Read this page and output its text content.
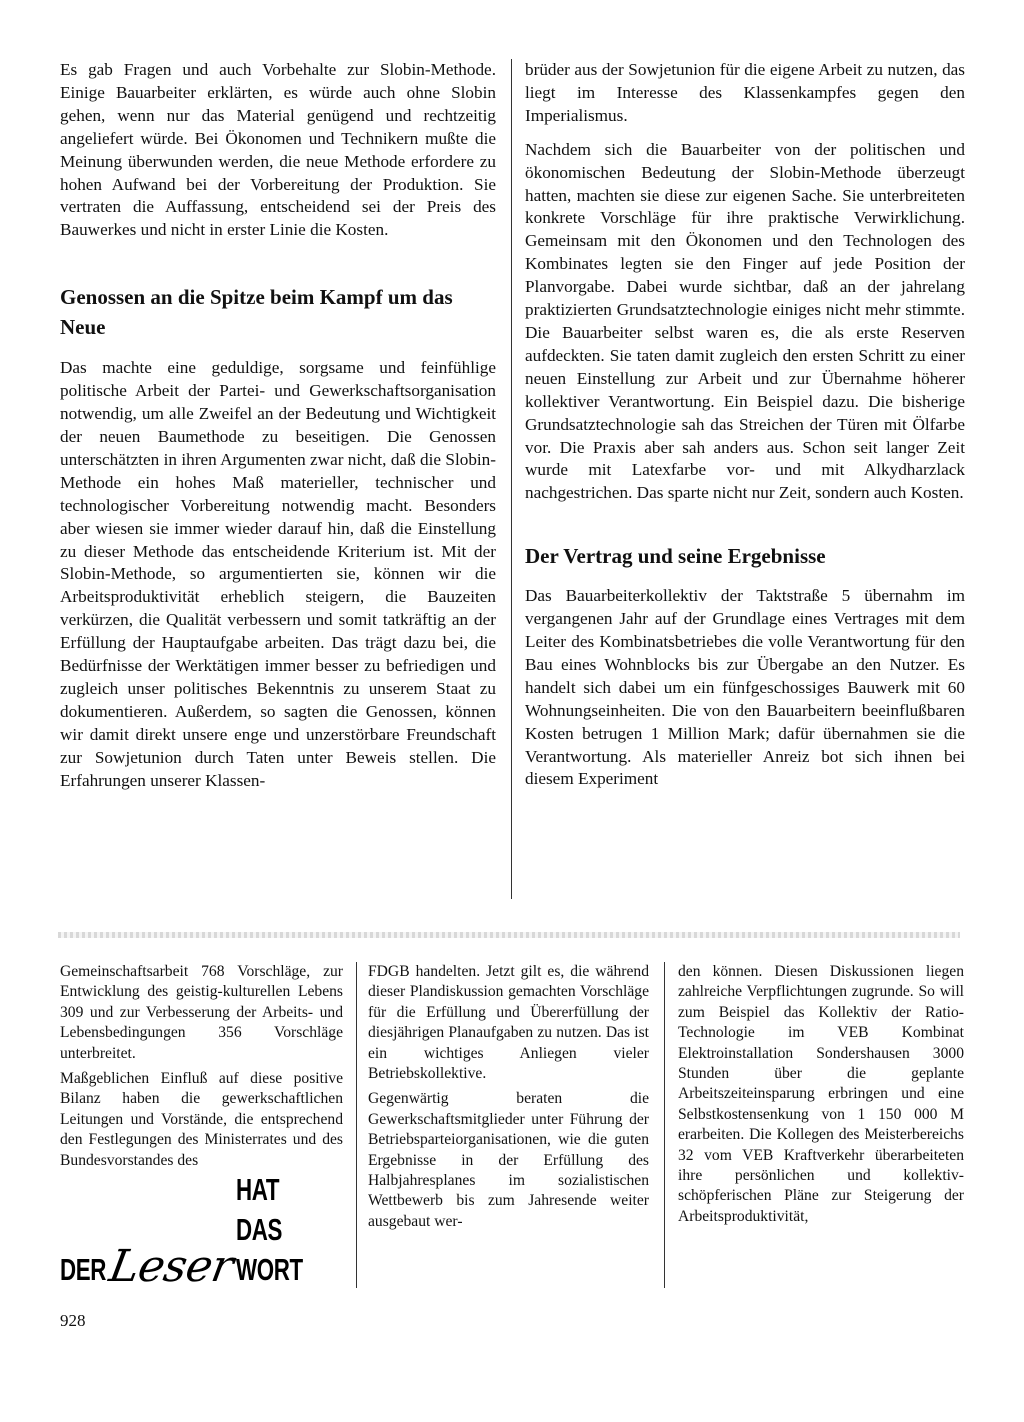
Es gab Fragen und auch Vorbehalte zur Slobin-Methode. Einige Bauarbeiter erklärten, es würde auch ohne Slobin gehen, wenn nur das Material genügend und rechtzeitig angeliefert würde. Bei Ökonomen und Technikern mußte die Meinung überwunden werden, die neue Methode erfordere zu hohen Aufwand bei der Vorbereitung der Produktion. Sie vertraten die Auffassung, entscheidend sei der Preis des Bauwerkes und nicht in erster Linie die Kosten.

Genossen an die Spitze beim Kampf um das Neue

Das machte eine geduldige, sorgsame und feinfühlige politische Arbeit der Partei- und Gewerkschaftsorganisation notwendig, um alle Zweifel an der Bedeutung und Wichtigkeit der neuen Baumethode zu beseitigen. Die Genossen unterschätzten in ihren Argumenten zwar nicht, daß die Slobin-Methode ein hohes Maß materieller, technischer und technologischer Vorbereitung notwendig macht. Besonders aber wiesen sie immer wieder darauf hin, daß die Einstellung zu dieser Methode das entscheidende Kriterium ist. Mit der Slobin-Methode, so argumentierten sie, können wir die Arbeitsproduktivität erheblich steigern, die Bauzeiten verkürzen, die Qualität verbessern und somit tatkräftig an der Erfüllung der Hauptaufgabe arbeiten. Das trägt dazu bei, die Bedürfnisse der Werktätigen immer besser zu befriedigen und zugleich unser politisches Bekenntnis zu unserem Staat zu dokumentieren. Außerdem, so sagten die Genossen, können wir damit direkt unsere enge und unzerstörbare Freundschaft zur Sowjetunion durch Taten unter Beweis stellen. Die Erfahrungen unserer Klassen-

brüder aus der Sowjetunion für die eigene Arbeit zu nutzen, das liegt im Interesse des Klassenkampfes gegen den Imperialismus.

Nachdem sich die Bauarbeiter von der politischen und ökonomischen Bedeutung der Slobin-Methode überzeugt hatten, machten sie diese zur eigenen Sache. Sie unterbreiteten konkrete Vorschläge für ihre praktische Verwirklichung. Gemeinsam mit den Ökonomen und den Technologen des Kombinates legten sie den Finger auf jede Position der Planvorgabe. Dabei wurde sichtbar, daß an der jahrelang praktizierten Grundsatztechnologie einiges nicht mehr stimmte. Die Bauarbeiter selbst waren es, die als erste Reserven aufdeckten. Sie taten damit zugleich den ersten Schritt zu einer neuen Einstellung zur Arbeit und zur Übernahme höherer kollektiver Verantwortung. Ein Beispiel dazu. Die bisherige Grundsatztechnologie sah das Streichen der Türen mit Ölfarbe vor. Die Praxis aber sah anders aus. Schon seit langer Zeit wurde mit Latexfarbe vor- und mit Alkydharzlack nachgestrichen. Das sparte nicht nur Zeit, sondern auch Kosten.

Der Vertrag und seine Ergebnisse

Das Bauarbeiterkollektiv der Taktstraße 5 übernahm im vergangenen Jahr auf der Grundlage eines Vertrages mit dem Leiter des Kombinatsbetriebes die volle Verantwortung für den Bau eines Wohnblocks bis zur Übergabe an den Nutzer. Es handelt sich dabei um ein fünfgeschossiges Bauwerk mit 60 Wohnungseinheiten. Die von den Bauarbeitern beeinflußbaren Kosten betrugen 1 Million Mark; dafür übernahmen sie die Verantwortung. Als materieller Anreiz bot sich ihnen bei diesem Experiment

Gemeinschaftsarbeit 768 Vorschläge, zur Entwicklung des geistig-kulturellen Lebens 309 und zur Verbesserung der Arbeits- und Lebensbedingungen 356 Vorschläge unterbreitet.

Maßgeblichen Einfluß auf diese positive Bilanz haben die gewerkschaftlichen Leitungen und Vorstände, die entsprechend den Festlegungen des Ministerrates und des Bundesvorstandes des

FDGB handelten. Jetzt gilt es, die während dieser Plandiskussion gemachten Vorschläge für die Erfüllung und Übererfüllung der diesjährigen Planaufgaben zu nutzen. Das ist ein wichtiges Anliegen vieler Betriebskollektive.

Gegenwärtig beraten die Gewerkschaftsmitglieder unter Führung der Betriebsparteiorganisationen, wie die guten Ergebnisse in der Erfüllung des Halbjahresplanes im sozialistischen Wettbewerb bis zum Jahresende weiter ausgebaut wer-

den können. Diesen Diskussionen liegen zahlreiche Verpflichtungen zugrunde. So will zum Beispiel das Kollektiv der Ratio-Technologie im VEB Kombinat Elektroinstallation Sondershausen 3000 Stunden über die geplante Arbeitszeiteinsparung erbringen und eine Selbstkostensenkung von 1 150 000 M erarbeiten. Die Kollegen des Meisterbereichs 32 vom VEB Kraftverkehr überarbeiteten ihre persönlichen und kollektiv-schöpferischen Pläne zur Steigerung der Arbeitsproduktivität,

DER Leser
HAT DAS WORT

928
